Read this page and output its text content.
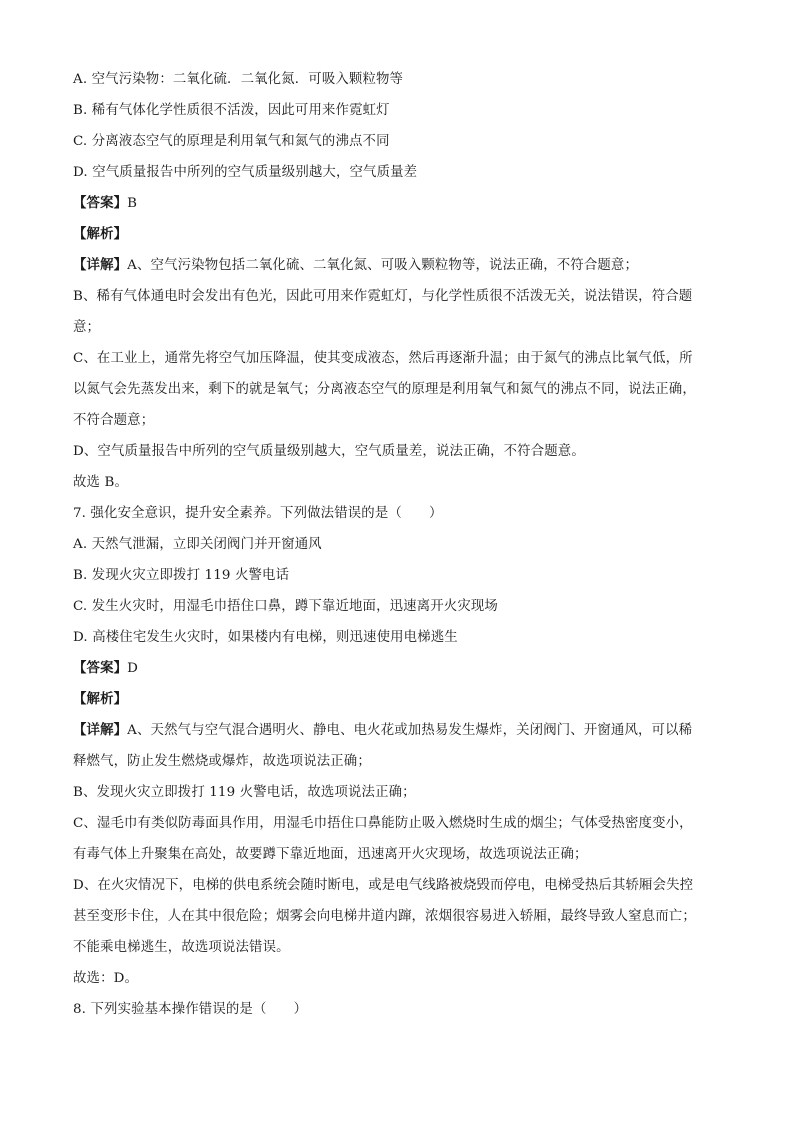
A. 空气污染物：二氧化硫．二氧化氮．可吸入颗粒物等

B. 稀有气体化学性质很不活泼，因此可用来作霓虹灯

C. 分离液态空气的原理是利用氧气和氮气的沸点不同

D. 空气质量报告中所列的空气质量级别越大，空气质量差

【答案】B

【解析】

【详解】A、空气污染物包括二氧化硫、二氧化氮、可吸入颗粒物等，说法正确，不符合题意；

B、稀有气体通电时会发出有色光，因此可用来作霓虹灯，与化学性质很不活泼无关，说法错误，符合题

意；

C、在工业上，通常先将空气加压降温，使其变成液态，然后再逐渐升温；由于氮气的沸点比氧气低，所

以氮气会先蒸发出来，剩下的就是氧气；分离液态空气的原理是利用氧气和氮气的沸点不同，说法正确，

不符合题意；

D、空气质量报告中所列的空气质量级别越大，空气质量差，说法正确，不符合题意。

故选 B。

7. 强化安全意识，提升安全素养。下列做法错误的是（　　）

A. 天然气泄漏，立即关闭阀门并开窗通风

B. 发现火灾立即拨打 119 火警电话

C. 发生火灾时，用湿毛巾捂住口鼻，蹲下靠近地面，迅速离开火灾现场

D. 高楼住宅发生火灾时，如果楼内有电梯，则迅速使用电梯逃生

【答案】D

【解析】

【详解】A、天然气与空气混合遇明火、静电、电火花或加热易发生爆炸，关闭阀门、开窗通风，可以稀

释燃气，防止发生燃烧或爆炸，故选项说法正确；

B、发现火灾立即拨打 119 火警电话，故选项说法正确；

C、湿毛巾有类似防毒面具作用，用湿毛巾捂住口鼻能防止吸入燃烧时生成的烟尘；气体受热密度变小，

有毒气体上升聚集在高处，故要蹲下靠近地面，迅速离开火灾现场，故选项说法正确；

D、在火灾情况下，电梯的供电系统会随时断电，或是电气线路被烧毁而停电，电梯受热后其轿厢会失控

甚至变形卡住，人在其中很危险；烟雾会向电梯井道内蹿，浓烟很容易进入轿厢，最终导致人窒息而亡；

不能乘电梯逃生，故选项说法错误。

故选：D。

8. 下列实验基本操作错误的是（　　）
